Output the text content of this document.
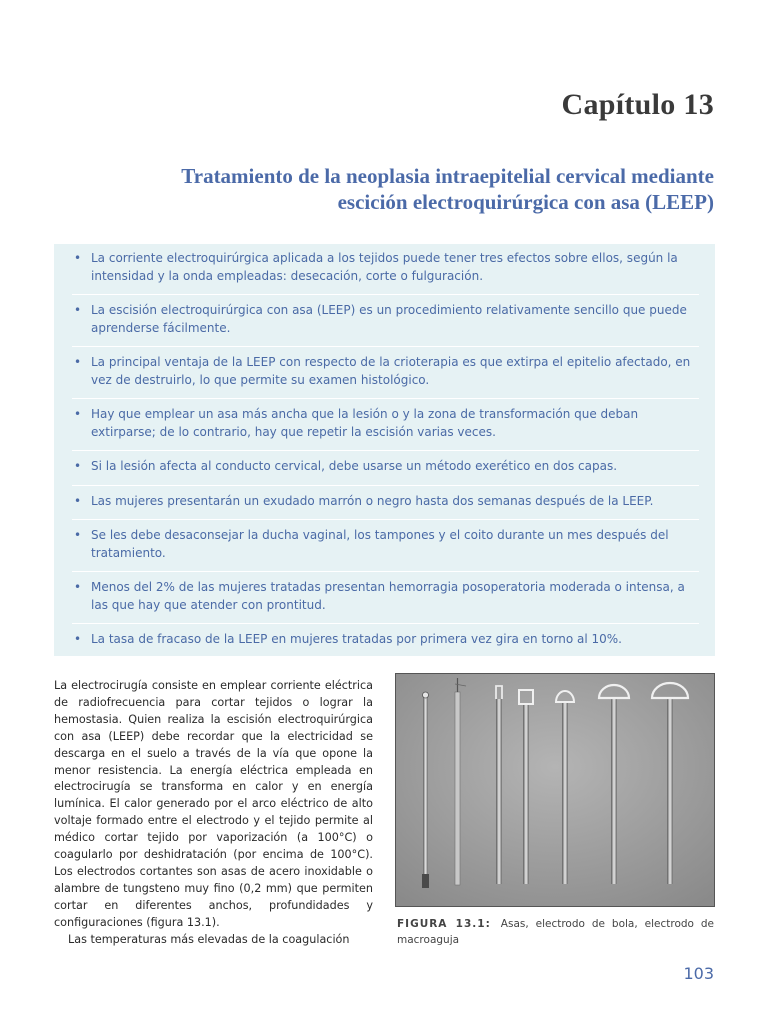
Capítulo 13
Tratamiento de la neoplasia intraepitelial cervical mediante
escición electroquirúrgica con asa (LEEP)
• La corriente electroquirúrgica aplicada a los tejidos puede tener tres efectos sobre ellos, según la intensidad y la onda empleadas: desecación, corte o fulguración.
• La escisión electroquirúrgica con asa (LEEP) es un procedimiento relativamente sencillo que puede aprenderse fácilmente.
• La principal ventaja de la LEEP con respecto de la crioterapia es que extirpa el epitelio afectado, en vez de destruirlo, lo que permite su examen histológico.
• Hay que emplear un asa más ancha que la lesión o y la zona de transformación que deban extirparse; de lo contrario, hay que repetir la escisión varias veces.
• Si la lesión afecta al conducto cervical, debe usarse un método exerético en dos capas.
• Las mujeres presentarán un exudado marrón o negro hasta dos semanas después de la LEEP.
• Se les debe desaconsejar la ducha vaginal, los tampones y el coito durante un mes después del tratamiento.
• Menos del 2% de las mujeres tratadas presentan hemorragia posoperatoria moderada o intensa, a las que hay que atender con prontitud.
• La tasa de fracaso de la LEEP en mujeres tratadas por primera vez gira en torno al 10%.

La electrocirugía consiste en emplear corriente eléctrica de radiofrecuencia para cortar tejidos o lograr la hemostasia. Quien realiza la escisión electroquirúrgica con asa (LEEP) debe recordar que la electricidad se descarga en el suelo a través de la vía que opone la menor resistencia. La energía eléctrica empleada en electrocirugía se transforma en calor y en energía lumínica. El calor generado por el arco eléctrico de alto voltaje formado entre el electrodo y el tejido permite al médico cortar tejido por vaporización (a 100°C) o coagularlo por deshidratación (por encima de 100°C). Los electrodos cortantes son asas de acero inoxidable o alambre de tungsteno muy fino (0,2 mm) que permiten cortar en diferentes anchos, profundidades y configuraciones (figura 13.1).

Las temperaturas más elevadas de la coagulación

FIGURA 13.1: Asas, electrodo de bola, electrodo de macroaguja
103
